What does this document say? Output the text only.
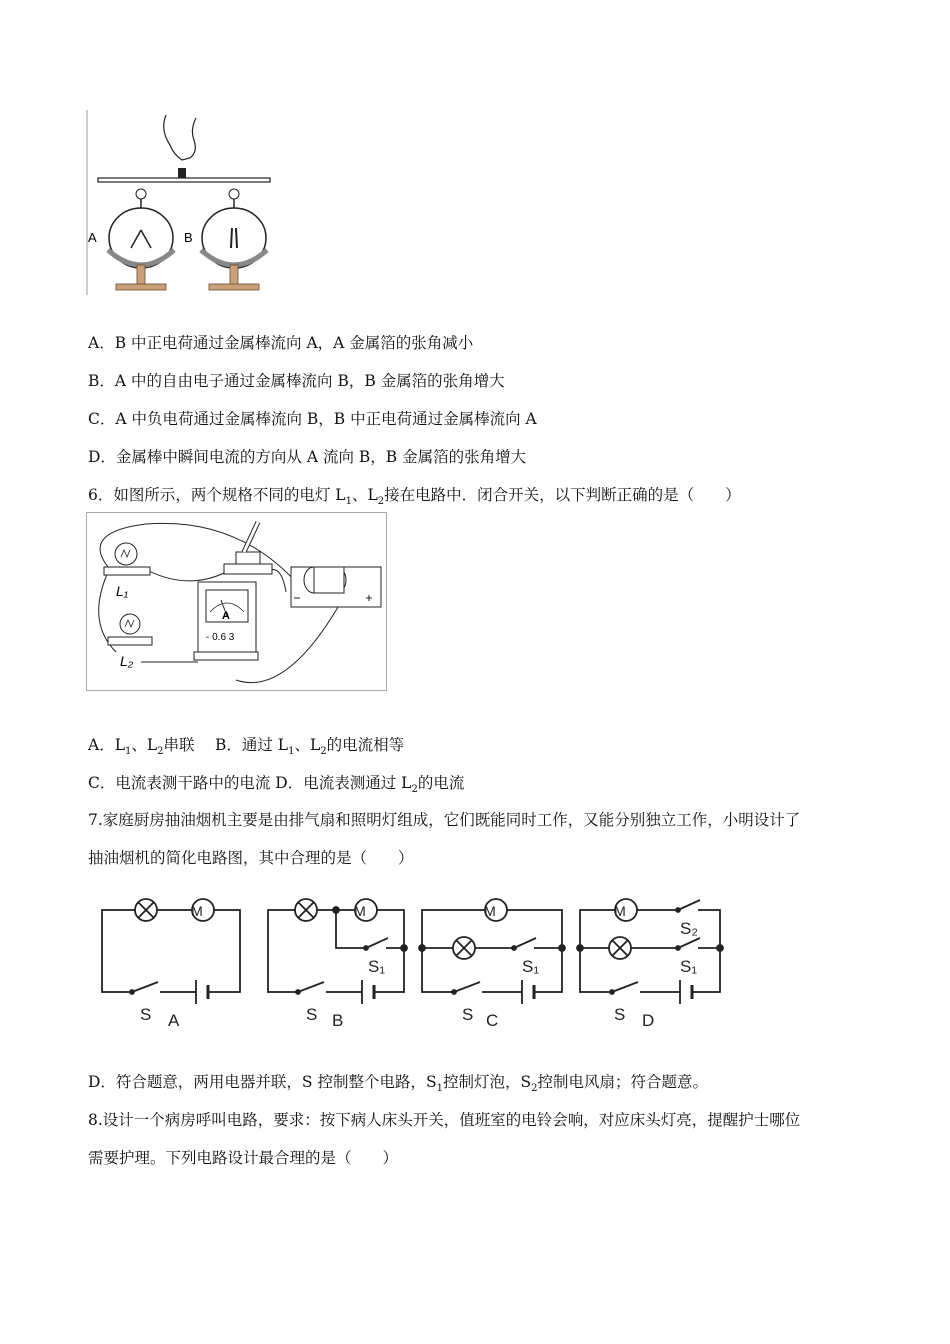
A	B
A．B 中正电荷通过金属棒流向 A，A 金属箔的张角减小
B．A 中的自由电子通过金属棒流向 B，B 金属箔的张角增大
C．A 中负电荷通过金属棒流向 B，B 中正电荷通过金属棒流向 A
D．金属棒中瞬间电流的方向从 A 流向 B，B 金属箔的张角增大
6．如图所示，两个规格不同的电灯 $L_1$、$L_2$接在电路中．闭合开关，以下判断正确的是（　　）
L₁
L₂
A
- 0.6 3
A．$L_1$、$L_2$串联　 B．通过 $L_1$、$L_2$的电流相等
C．电流表测干路中的电流 D．电流表测通过 $L_2$的电流
7.家庭厨房抽油烟机主要是由排气扇和照明灯组成，它们既能同时工作，又能分别独立工作，小明设计了
抽油烟机的简化电路图，其中合理的是（　　）
M	M	M	M
S A	S B
S₁
S C
S₁
S D
S₂
S₁
D．符合题意，两用电器并联，S 控制整个电路，$S_1$控制灯泡，$S_2$控制电风扇；符合题意。
8.设计一个病房呼叫电路，要求：按下病人床头开关，值班室的电铃会响，对应床头灯亮，提醒护士哪位
需要护理。下列电路设计最合理的是（　　）
